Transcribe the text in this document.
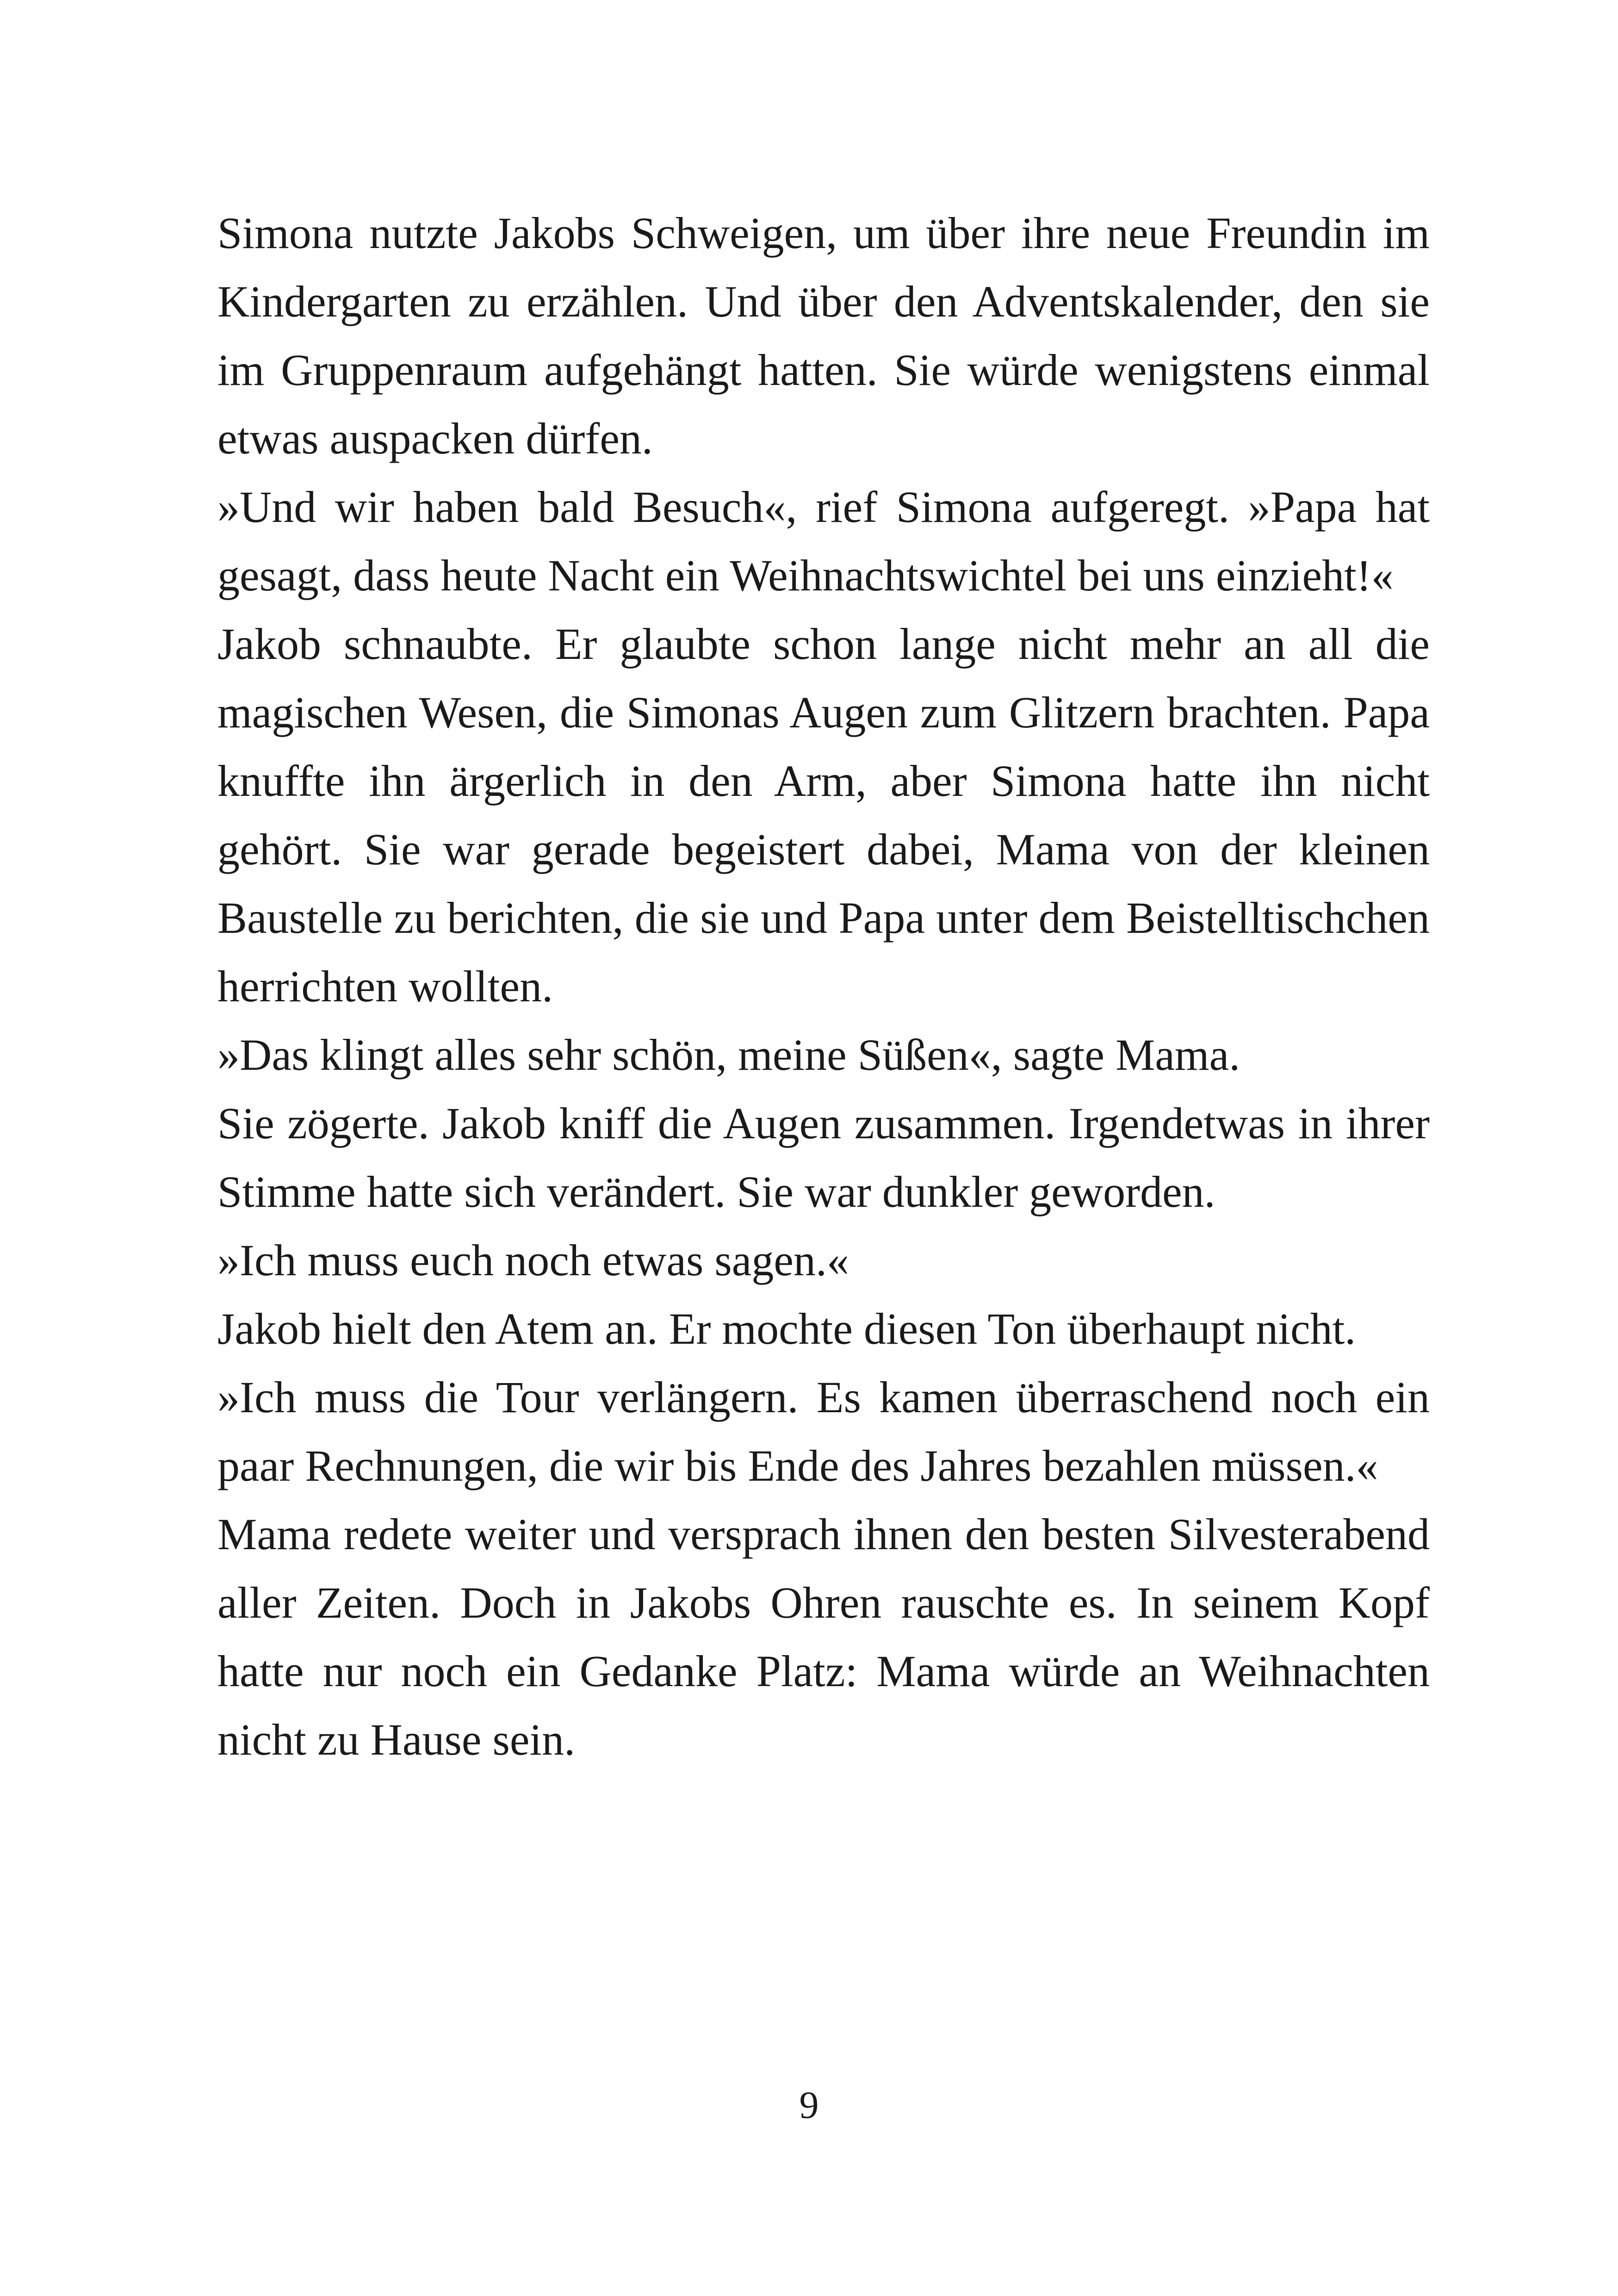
Simona nutzte Jakobs Schweigen, um über ihre neue Freundin im Kindergarten zu erzählen. Und über den Adventskalender, den sie im Gruppenraum aufgehängt hatten. Sie würde wenigstens einmal etwas auspacken dürfen.

»Und wir haben bald Besuch«, rief Simona aufgeregt. »Papa hat gesagt, dass heute Nacht ein Weihnachtswichtel bei uns einzieht!«

Jakob schnaubte. Er glaubte schon lange nicht mehr an all die magischen Wesen, die Simonas Augen zum Glitzern brachten. Papa knuffte ihn ärgerlich in den Arm, aber Simona hatte ihn nicht gehört. Sie war gerade begeistert dabei, Mama von der kleinen Baustelle zu berichten, die sie und Papa unter dem Beistelltischchen herrichten wollten.

»Das klingt alles sehr schön, meine Süßen«, sagte Mama.

Sie zögerte. Jakob kniff die Augen zusammen. Irgendetwas in ihrer Stimme hatte sich verändert. Sie war dunkler geworden.

»Ich muss euch noch etwas sagen.«

Jakob hielt den Atem an. Er mochte diesen Ton überhaupt nicht.

»Ich muss die Tour verlängern. Es kamen überraschend noch ein paar Rechnungen, die wir bis Ende des Jahres bezahlen müssen.«

Mama redete weiter und versprach ihnen den besten Silvesterabend aller Zeiten. Doch in Jakobs Ohren rauschte es. In seinem Kopf hatte nur noch ein Gedanke Platz: Mama würde an Weihnachten nicht zu Hause sein.

9
